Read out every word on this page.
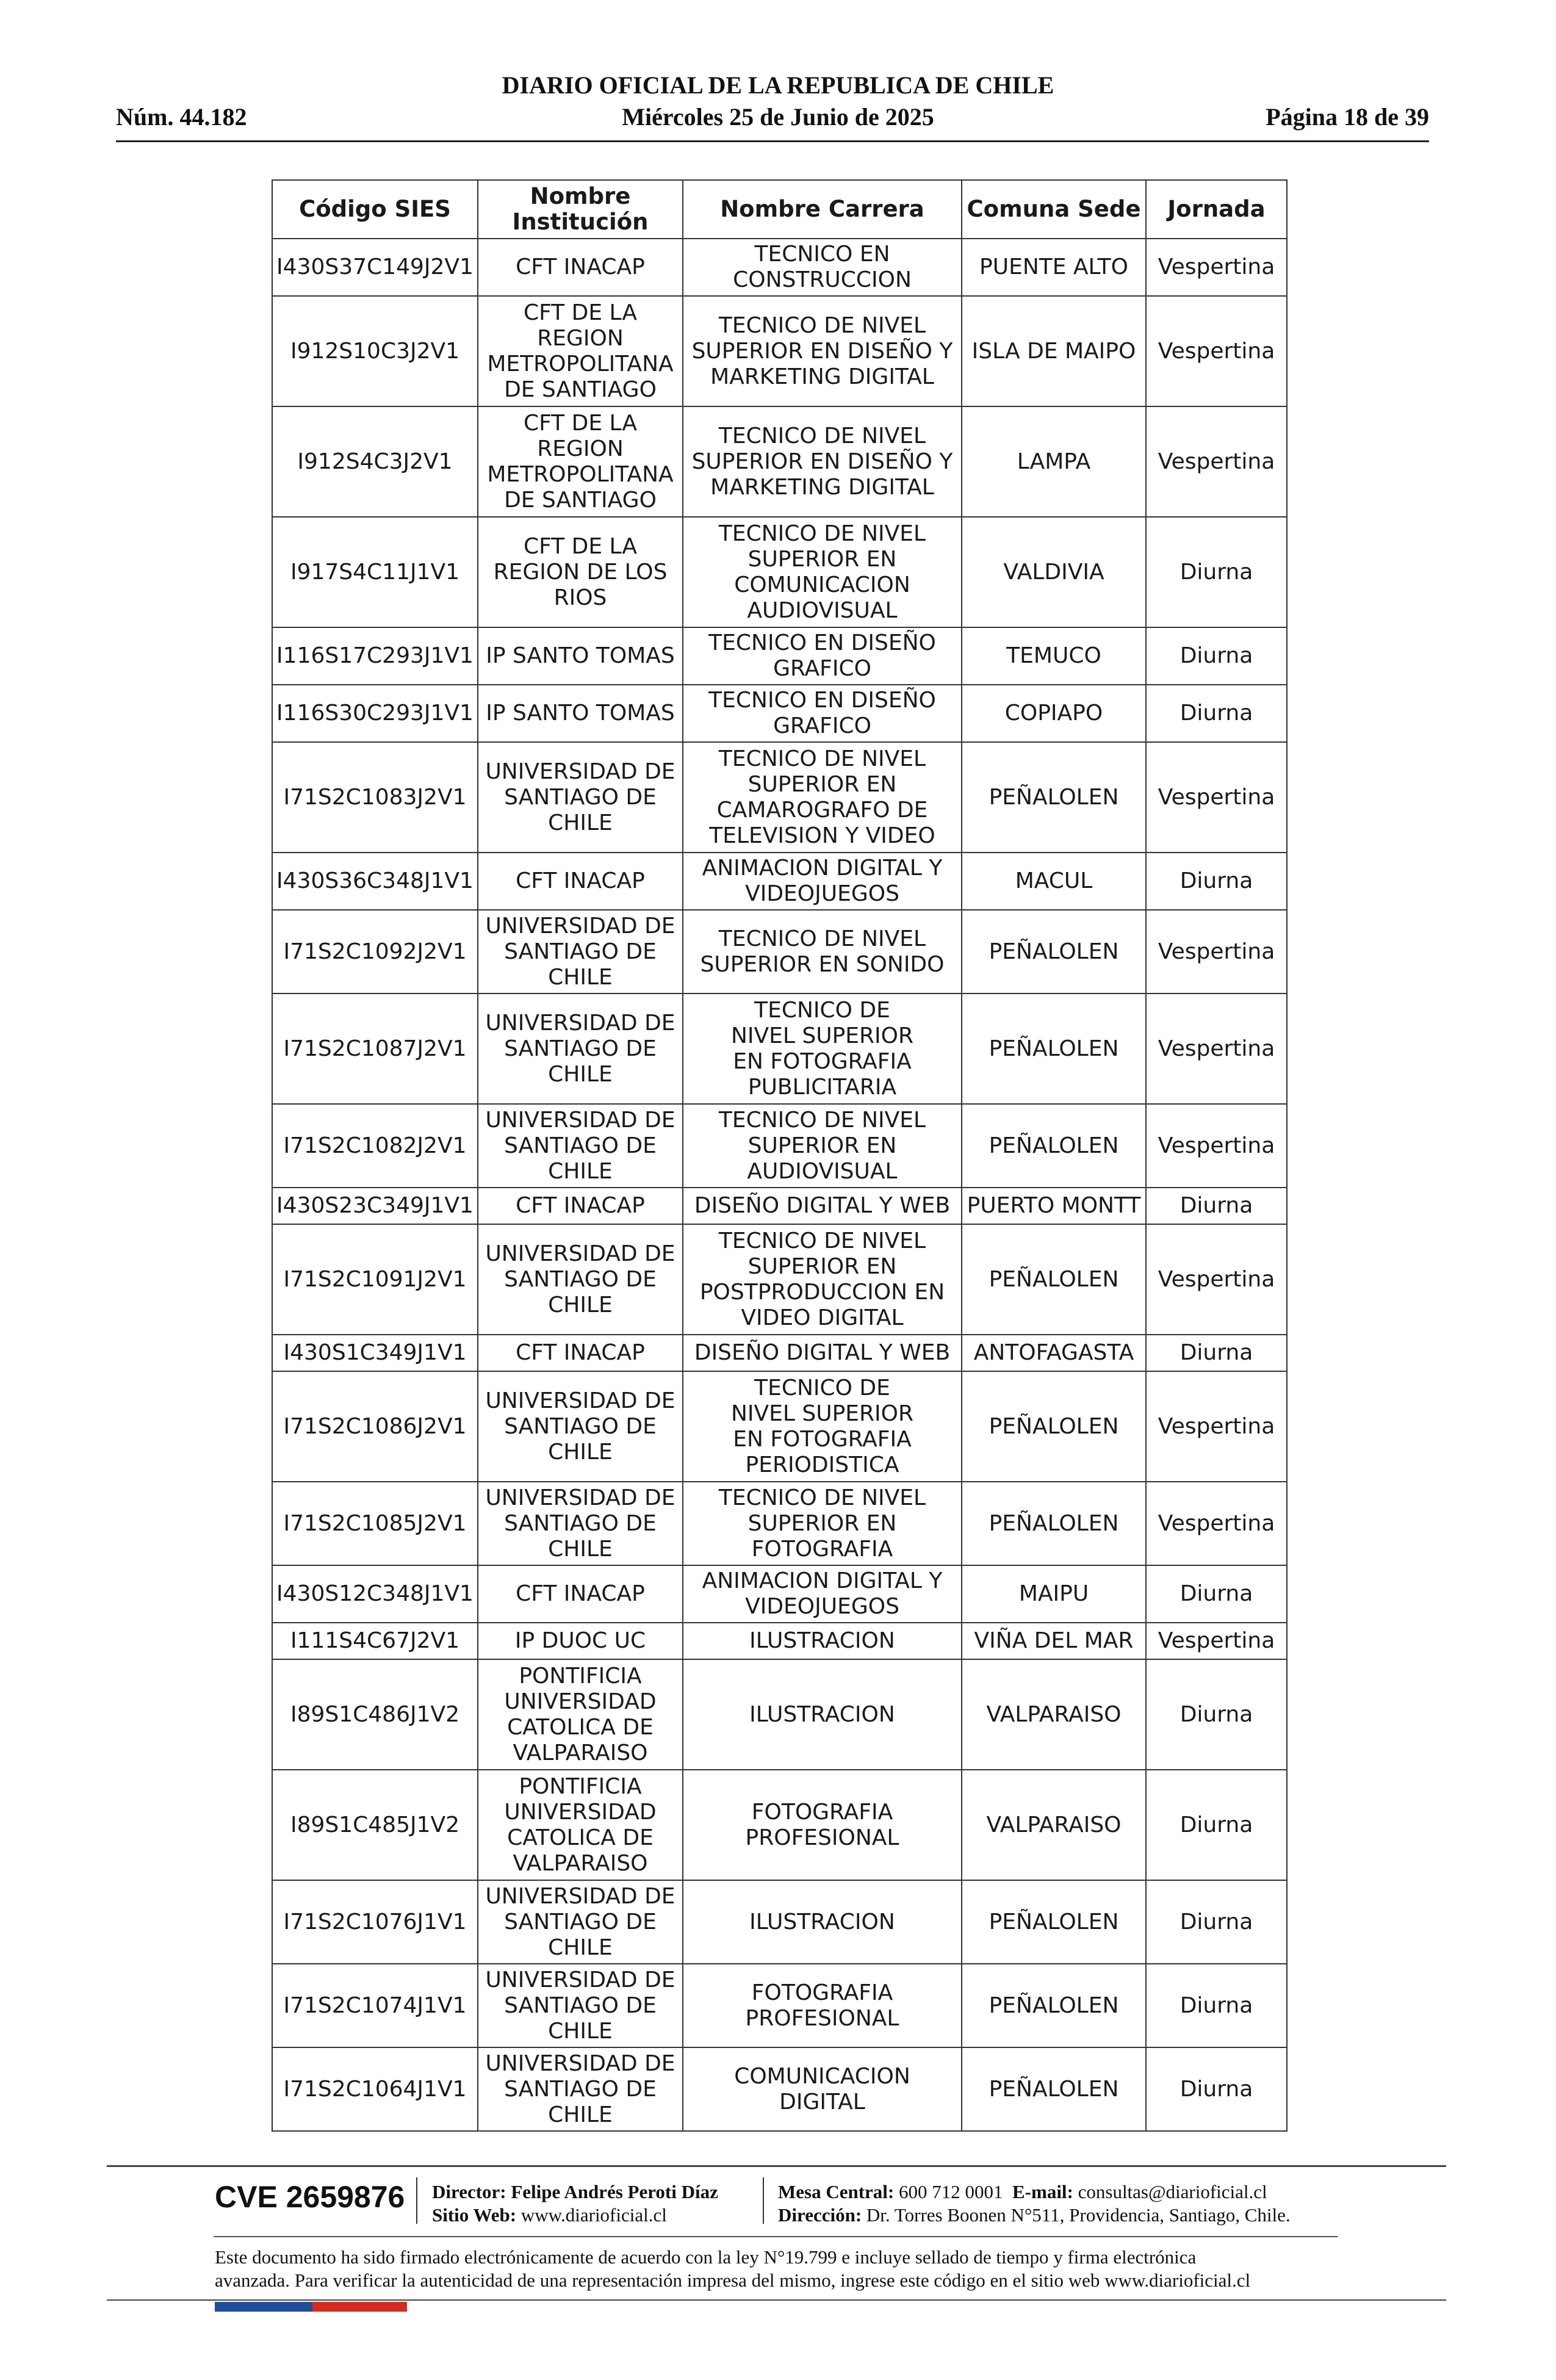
DIARIO OFICIAL DE LA REPUBLICA DE CHILE
Miércoles 25 de Junio de 2025
Núm. 44.182	Página 18 de 39
Código SIES	Nombre
Institución	Nombre Carrera	Comuna Sede	Jornada
I430S37C149J2V1	CFT INACAP	TECNICO EN
CONSTRUCCION	PUENTE ALTO	Vespertina
I912S10C3J2V1	CFT DE LA
REGION
METROPOLITANA
DE SANTIAGO	TECNICO DE NIVEL
SUPERIOR EN DISEÑO Y
MARKETING DIGITAL	ISLA DE MAIPO	Vespertina
I912S4C3J2V1	CFT DE LA
REGION
METROPOLITANA
DE SANTIAGO	TECNICO DE NIVEL
SUPERIOR EN DISEÑO Y
MARKETING DIGITAL	LAMPA	Vespertina
I917S4C11J1V1	CFT DE LA
REGION DE LOS
RIOS	TECNICO DE NIVEL
SUPERIOR EN
COMUNICACION
AUDIOVISUAL	VALDIVIA	Diurna
I116S17C293J1V1	IP SANTO TOMAS	TECNICO EN DISEÑO
GRAFICO	TEMUCO	Diurna
I116S30C293J1V1	IP SANTO TOMAS	TECNICO EN DISEÑO
GRAFICO	COPIAPO	Diurna
I71S2C1083J2V1	UNIVERSIDAD DE
SANTIAGO DE
CHILE	TECNICO DE NIVEL
SUPERIOR EN
CAMAROGRAFO DE
TELEVISION Y VIDEO	PEÑALOLEN	Vespertina
I430S36C348J1V1	CFT INACAP	ANIMACION DIGITAL Y
VIDEOJUEGOS	MACUL	Diurna
I71S2C1092J2V1	UNIVERSIDAD DE
SANTIAGO DE
CHILE	TECNICO DE NIVEL
SUPERIOR EN SONIDO	PEÑALOLEN	Vespertina
I71S2C1087J2V1	UNIVERSIDAD DE
SANTIAGO DE
CHILE	TECNICO DE
NIVEL SUPERIOR
EN FOTOGRAFIA
PUBLICITARIA	PEÑALOLEN	Vespertina
I71S2C1082J2V1	UNIVERSIDAD DE
SANTIAGO DE
CHILE	TECNICO DE NIVEL
SUPERIOR EN
AUDIOVISUAL	PEÑALOLEN	Vespertina
I430S23C349J1V1	CFT INACAP	DISEÑO DIGITAL Y WEB	PUERTO MONTT	Diurna
I71S2C1091J2V1	UNIVERSIDAD DE
SANTIAGO DE
CHILE	TECNICO DE NIVEL
SUPERIOR EN
POSTPRODUCCION EN
VIDEO DIGITAL	PEÑALOLEN	Vespertina
I430S1C349J1V1	CFT INACAP	DISEÑO DIGITAL Y WEB	ANTOFAGASTA	Diurna
I71S2C1086J2V1	UNIVERSIDAD DE
SANTIAGO DE
CHILE	TECNICO DE
NIVEL SUPERIOR
EN FOTOGRAFIA
PERIODISTICA	PEÑALOLEN	Vespertina
I71S2C1085J2V1	UNIVERSIDAD DE
SANTIAGO DE
CHILE	TECNICO DE NIVEL
SUPERIOR EN
FOTOGRAFIA	PEÑALOLEN	Vespertina
I430S12C348J1V1	CFT INACAP	ANIMACION DIGITAL Y
VIDEOJUEGOS	MAIPU	Diurna
I111S4C67J2V1	IP DUOC UC	ILUSTRACION	VIÑA DEL MAR	Vespertina
I89S1C486J1V2	PONTIFICIA
UNIVERSIDAD
CATOLICA DE
VALPARAISO	ILUSTRACION	VALPARAISO	Diurna
I89S1C485J1V2	PONTIFICIA
UNIVERSIDAD
CATOLICA DE
VALPARAISO	FOTOGRAFIA
PROFESIONAL	VALPARAISO	Diurna
I71S2C1076J1V1	UNIVERSIDAD DE
SANTIAGO DE
CHILE	ILUSTRACION	PEÑALOLEN	Diurna
I71S2C1074J1V1	UNIVERSIDAD DE
SANTIAGO DE
CHILE	FOTOGRAFIA
PROFESIONAL	PEÑALOLEN	Diurna
I71S2C1064J1V1	UNIVERSIDAD DE
SANTIAGO DE
CHILE	COMUNICACION
DIGITAL	PEÑALOLEN	Diurna
CVE 2659876 Director: Felipe Andrés Peroti Díaz
Sitio Web: www.diarioficial.cl
Mesa Central: 600 712 0001 E-mail: consultas@diarioficial.cl
Dirección: Dr. Torres Boonen N°511, Providencia, Santiago, Chile.
Este documento ha sido firmado electrónicamente de acuerdo con la ley N°19.799 e incluye sellado de tiempo y firma electrónica
avanzada. Para verificar la autenticidad de una representación impresa del mismo, ingrese este código en el sitio web www.diarioficial.cl
